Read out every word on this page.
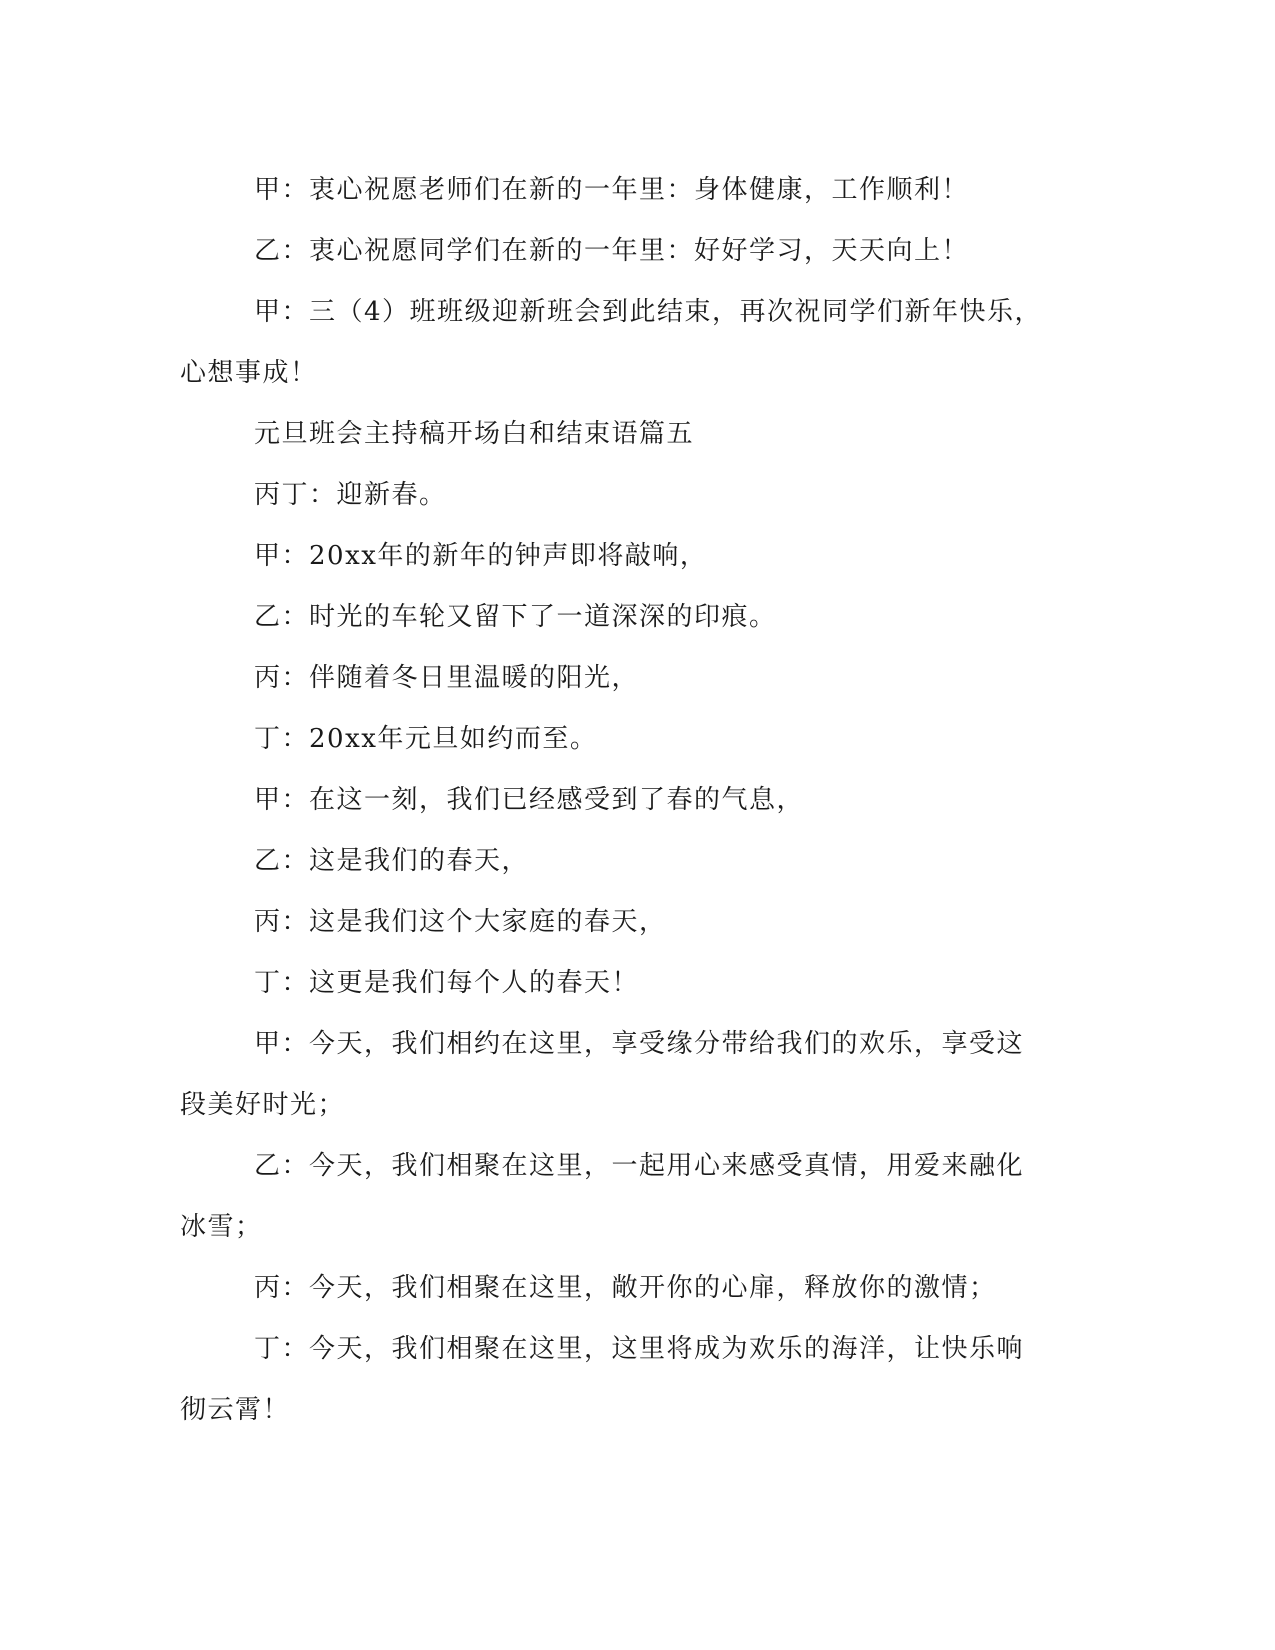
甲：衷心祝愿老师们在新的一年里：身体健康，工作顺利！

乙：衷心祝愿同学们在新的一年里：好好学习，天天向上！

甲：三（4）班班级迎新班会到此结束，再次祝同学们新年快乐，心想事成！

元旦班会主持稿开场白和结束语篇五

丙丁：迎新春。

甲：20xx年的新年的钟声即将敲响，

乙：时光的车轮又留下了一道深深的印痕。

丙：伴随着冬日里温暖的阳光，

丁：20xx年元旦如约而至。

甲：在这一刻，我们已经感受到了春的气息，

乙：这是我们的春天，

丙：这是我们这个大家庭的春天，

丁：这更是我们每个人的春天！

甲：今天，我们相约在这里，享受缘分带给我们的欢乐，享受这段美好时光；

乙：今天，我们相聚在这里，一起用心来感受真情，用爱来融化冰雪；

丙：今天，我们相聚在这里，敞开你的心扉，释放你的激情；

丁：今天，我们相聚在这里，这里将成为欢乐的海洋，让快乐响彻云霄！
